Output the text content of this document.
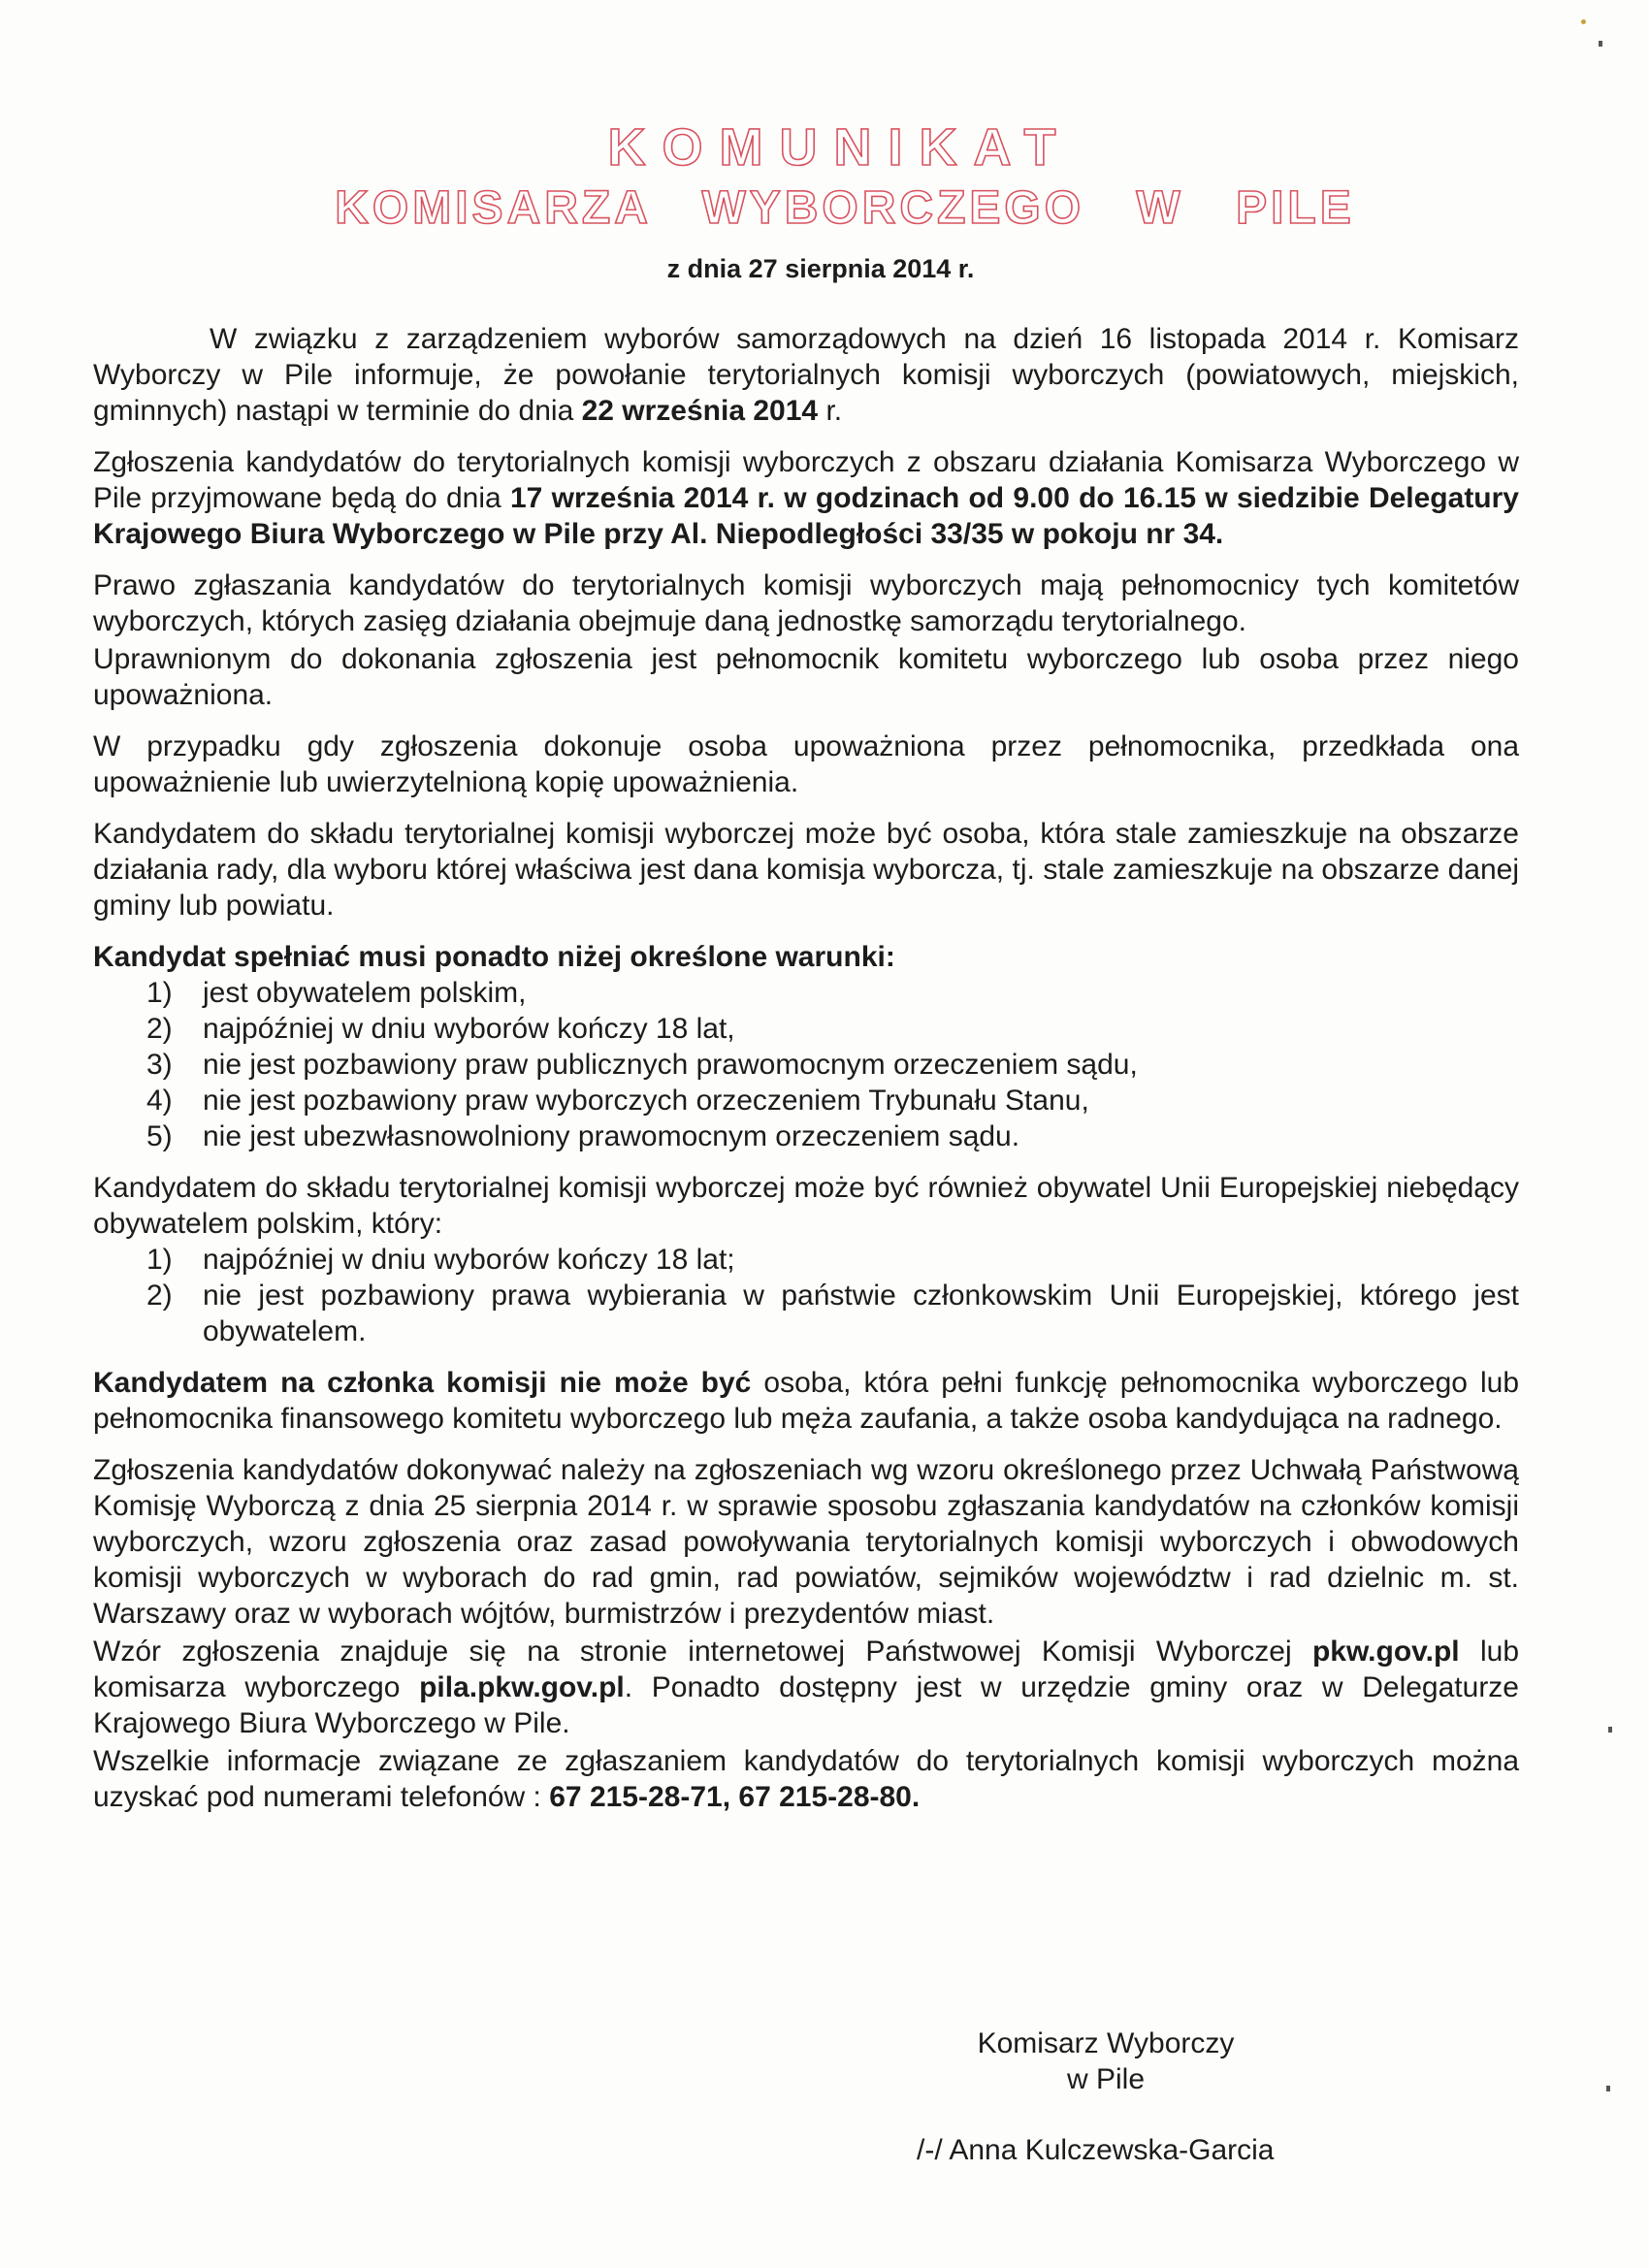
KOMUNIKAT
KOMISARZA WYBORCZEGO W PILE
z dnia 27 sierpnia 2014 r.

W związku z zarządzeniem wyborów samorządowych na dzień 16 listopada 2014 r. Komisarz Wyborczy w Pile informuje, że powołanie terytorialnych komisji wyborczych (powiatowych, miejskich, gminnych) nastąpi w terminie do dnia 22 września 2014 r.

Zgłoszenia kandydatów do terytorialnych komisji wyborczych z obszaru działania Komisarza Wyborczego w Pile przyjmowane będą do dnia 17 września 2014 r. w godzinach od 9.00 do 16.15 w siedzibie Delegatury Krajowego Biura Wyborczego w Pile przy Al. Niepodległości 33/35 w pokoju nr 34.

Prawo zgłaszania kandydatów do terytorialnych komisji wyborczych mają pełnomocnicy tych komitetów wyborczych, których zasięg działania obejmuje daną jednostkę samorządu terytorialnego.

Uprawnionym do dokonania zgłoszenia jest pełnomocnik komitetu wyborczego lub osoba przez niego upoważniona.

W przypadku gdy zgłoszenia dokonuje osoba upoważniona przez pełnomocnika, przedkłada ona upoważnienie lub uwierzytelnioną kopię upoważnienia.

Kandydatem do składu terytorialnej komisji wyborczej może być osoba, która stale zamieszkuje na obszarze działania rady, dla wyboru której właściwa jest dana komisja wyborcza, tj. stale zamieszkuje na obszarze danej gminy lub powiatu.

Kandydat spełniać musi ponadto niżej określone warunki:

1)	jest obywatelem polskim,
2)	najpóźniej w dniu wyborów kończy 18 lat,
3)	nie jest pozbawiony praw publicznych prawomocnym orzeczeniem sądu,
4)	nie jest pozbawiony praw wyborczych orzeczeniem Trybunału Stanu,
5)	nie jest ubezwłasnowolniony prawomocnym orzeczeniem sądu.

Kandydatem do składu terytorialnej komisji wyborczej może być również obywatel Unii Europejskiej niebędący obywatelem polskim, który:

1)	najpóźniej w dniu wyborów kończy 18 lat;
2)	nie jest pozbawiony prawa wybierania w państwie członkowskim Unii Europejskiej, którego jest obywatelem.

Kandydatem na członka komisji nie może być osoba, która pełni funkcję pełnomocnika wyborczego lub pełnomocnika finansowego komitetu wyborczego lub męża zaufania, a także osoba kandydująca na radnego.

Zgłoszenia kandydatów dokonywać należy na zgłoszeniach wg wzoru określonego przez Uchwałą Państwową Komisję Wyborczą z dnia 25 sierpnia 2014 r. w sprawie sposobu zgłaszania kandydatów na członków komisji wyborczych, wzoru zgłoszenia oraz zasad powoływania terytorialnych komisji wyborczych i obwodowych komisji wyborczych w wyborach do rad gmin, rad powiatów, sejmików województw i rad dzielnic m. st. Warszawy oraz w wyborach wójtów, burmistrzów i prezydentów miast.

Wzór zgłoszenia znajduje się na stronie internetowej Państwowej Komisji Wyborczej pkw.gov.pl lub komisarza wyborczego pila.pkw.gov.pl. Ponadto dostępny jest w urzędzie gminy oraz w Delegaturze Krajowego Biura Wyborczego w Pile.

Wszelkie informacje związane ze zgłaszaniem kandydatów do terytorialnych komisji wyborczych można uzyskać pod numerami telefonów : 67 215-28-71, 67 215-28-80.

Komisarz Wyborczy
w Pile
/-/ Anna Kulczewska-Garcia
